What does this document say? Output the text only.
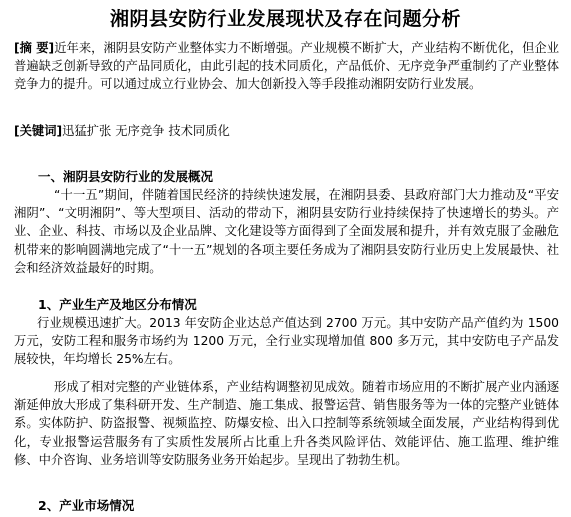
湘阴县安防行业发展现状及存在问题分析

[摘 要]近年来，湘阴县安防产业整体实力不断增强。产业规模不断扩大，产业结构不断优化，但企业普遍缺乏创新导致的产品同质化，由此引起的技术同质化，产品低价、无序竞争严重制约了产业整体竞争力的提升。可以通过成立行业协会、加大创新投入等手段推动湘阴安防行业发展。

[关键词]迅猛扩张 无序竞争 技术同质化

一、湘阴县安防行业的发展概况

“十一五”期间，伴随着国民经济的持续快速发展，在湘阴县委、县政府部门大力推动及“平安湘阴”、“文明湘阴”、等大型项目、活动的带动下，湘阴县安防行业持续保持了快速增长的势头。产业、企业、科技、市场以及企业品牌、文化建设等方面得到了全面发展和提升，并有效克服了金融危机带来的影响圆满地完成了“十一五”规划的各项主要任务成为了湘阴县安防行业历史上发展最快、社会和经济效益最好的时期。

1、产业生产及地区分布情况

行业规模迅速扩大。2013 年安防企业达总产值达到 2700 万元。其中安防产品产值约为 1500 万元，安防工程和服务市场约为 1200 万元，全行业实现增加值 800 多万元，其中安防电子产品发展较快，年均增长 25%左右。

形成了相对完整的产业链体系，产业结构调整初见成效。随着市场应用的不断扩展产业内涵逐渐延伸放大形成了集科研开发、生产制造、施工集成、报警运营、销售服务等为一体的完整产业链体系。实体防护、防盗报警、视频监控、防爆安检、出入口控制等系统领域全面发展，产业结构得到优化，专业报警运营服务有了实质性发展所占比重上升各类风险评估、效能评估、施工监理、维护维修、中介咨询、业务培训等安防服务业务开始起步。呈现出了勃勃生机。

2、产业市场情况
